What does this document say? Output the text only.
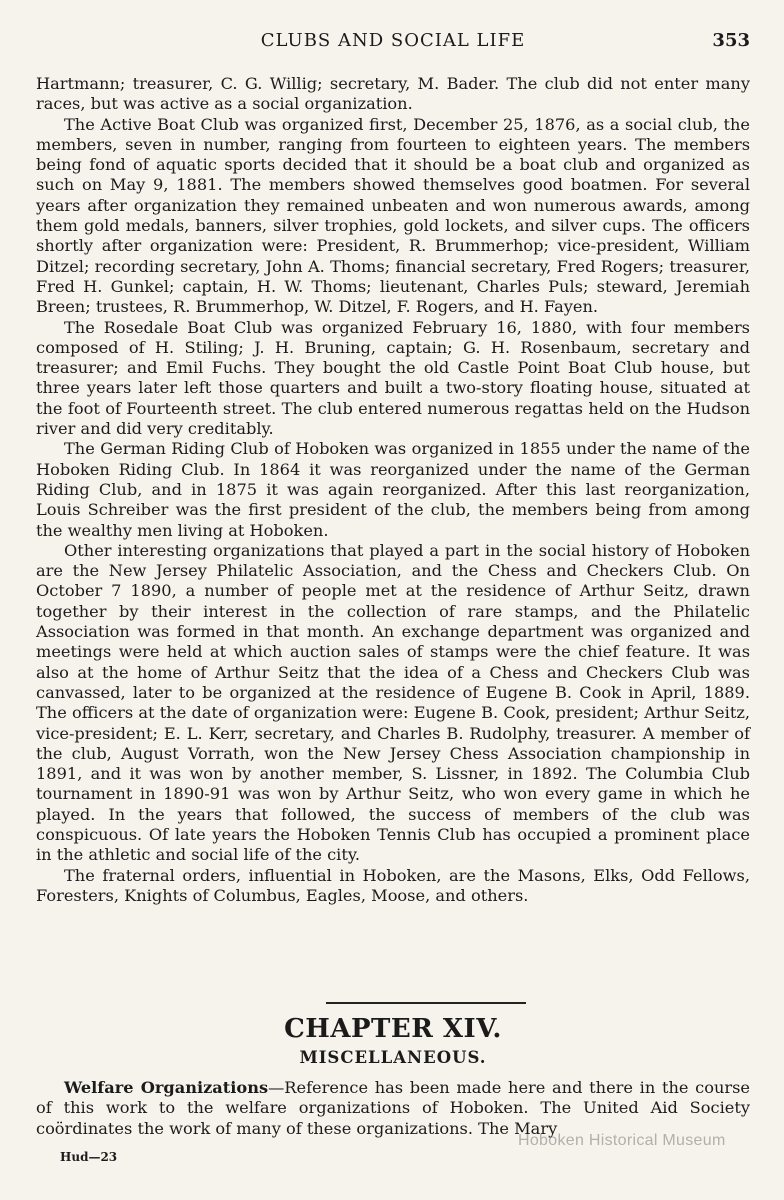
CLUBS AND SOCIAL LIFE	353

Hartmann; treasurer, C. G. Willig; secretary, M. Bader. The club did not enter many races, but was active as a social organization.

The Active Boat Club was organized first, December 25, 1876, as a social club, the members, seven in number, ranging from fourteen to eighteen years. The members being fond of aquatic sports decided that it should be a boat club and organized as such on May 9, 1881. The members showed themselves good boatmen. For several years after organization they remained unbeaten and won numerous awards, among them gold medals, banners, silver trophies, gold lockets, and silver cups. The officers shortly after organization were: President, R. Brummerhop; vice-president, William Ditzel; recording secretary, John A. Thoms; financial secretary, Fred Rogers; treasurer, Fred H. Gunkel; captain, H. W. Thoms; lieutenant, Charles Puls; steward, Jeremiah Breen; trustees, R. Brummerhop, W. Ditzel, F. Rogers, and H. Fayen.

The Rosedale Boat Club was organized February 16, 1880, with four members composed of H. Stiling; J. H. Bruning, captain; G. H. Rosenbaum, secretary and treasurer; and Emil Fuchs. They bought the old Castle Point Boat Club house, but three years later left those quarters and built a two-story floating house, situated at the foot of Fourteenth street. The club entered numerous regattas held on the Hudson river and did very creditably.

The German Riding Club of Hoboken was organized in 1855 under the name of the Hoboken Riding Club. In 1864 it was reorganized under the name of the German Riding Club, and in 1875 it was again reorganized. After this last reorganization, Louis Schreiber was the first president of the club, the members being from among the wealthy men living at Hoboken.

Other interesting organizations that played a part in the social history of Hoboken are the New Jersey Philatelic Association, and the Chess and Checkers Club. On October 7 1890, a number of people met at the residence of Arthur Seitz, drawn together by their interest in the collection of rare stamps, and the Philatelic Association was formed in that month. An exchange department was organized and meetings were held at which auction sales of stamps were the chief feature. It was also at the home of Arthur Seitz that the idea of a Chess and Checkers Club was canvassed, later to be organized at the residence of Eugene B. Cook in April, 1889. The officers at the date of organization were: Eugene B. Cook, president; Arthur Seitz, vice-president; E. L. Kerr, secretary, and Charles B. Rudolphy, treasurer. A member of the club, August Vorrath, won the New Jersey Chess Association championship in 1891, and it was won by another member, S. Lissner, in 1892. The Columbia Club tournament in 1890-91 was won by Arthur Seitz, who won every game in which he played. In the years that followed, the success of members of the club was conspicuous. Of late years the Hoboken Tennis Club has occupied a prominent place in the athletic and social life of the city.

The fraternal orders, influential in Hoboken, are the Masons, Elks, Odd Fellows, Foresters, Knights of Columbus, Eagles, Moose, and others.

CHAPTER XIV.
MISCELLANEOUS.

Welfare Organizations—Reference has been made here and there in the course of this work to the welfare organizations of Hoboken. The United Aid Society coördinates the work of many of these organizations. The Mary

Hud—23
Hoboken Historical Museum
